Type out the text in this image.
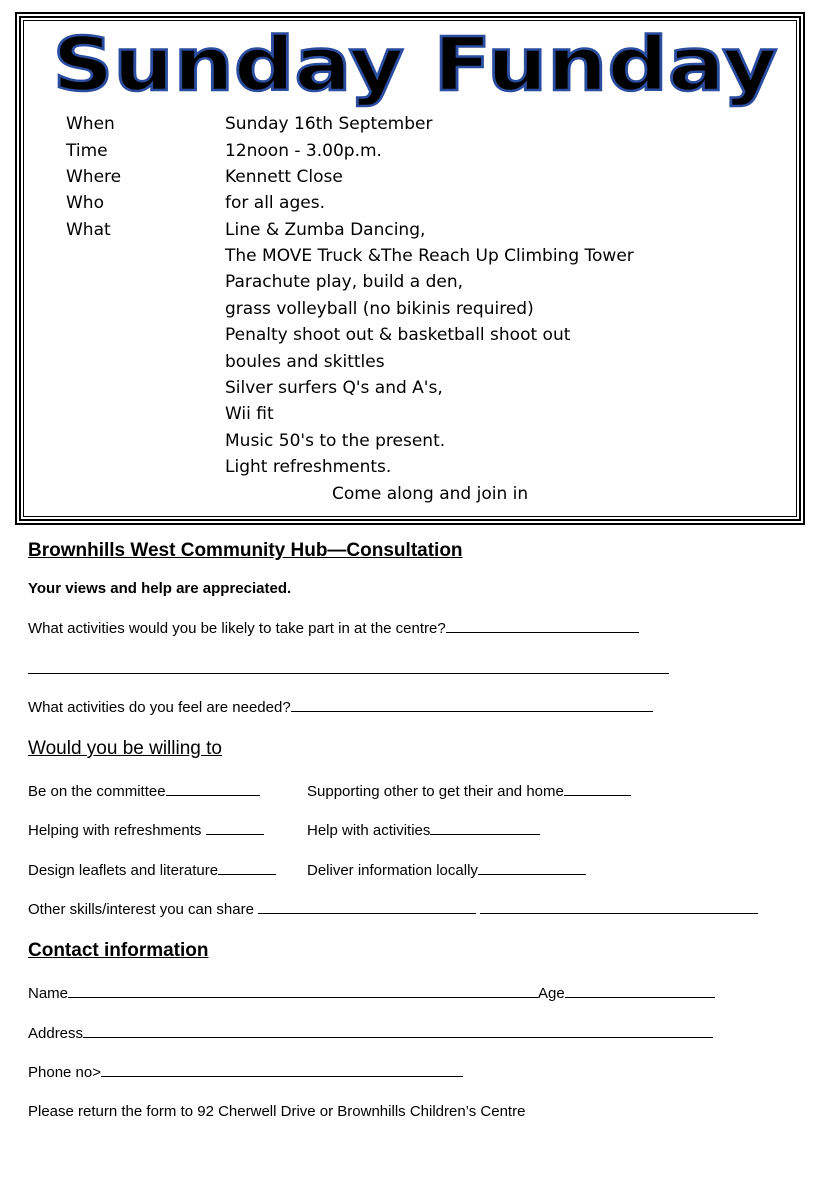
Sunday Funday
When	Sunday 16th September
Time	12noon - 3.00p.m.
Where	Kennett Close
Who	for all ages.
What	Line & Zumba Dancing,
The MOVE Truck &The Reach Up Climbing Tower
Parachute play, build a den,
grass volleyball (no bikinis required)
Penalty shoot out & basketball shoot out
boules and skittles
Silver surfers Q's and A's,
Wii fit
Music 50's to the present.
Light refreshments.
Come along and join in
Brownhills West Community Hub—Consultation
Your views and help are appreciated.
What activities would you be likely to take part in at the centre?
What activities do you feel are needed?
Would you be willing to
Be on the committee	Supporting other to get their and home
Helping with refreshments	Help with activities
Design leaflets and literature	Deliver information locally
Other skills/interest you can share
Contact information
Name	Age
Address
Phone no>
Please return the form to 92 Cherwell Drive or Brownhills Children’s Centre
